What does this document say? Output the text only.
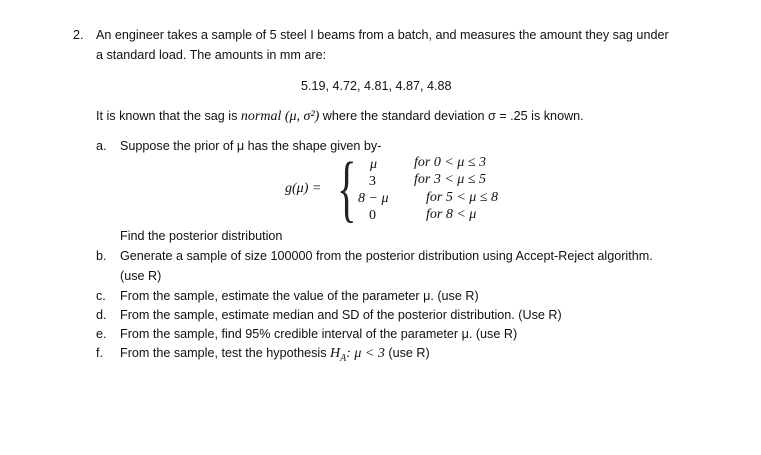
2. An engineer takes a sample of 5 steel I beams from a batch, and measures the amount they sag under
a standard load. The amounts in mm are:
5.19, 4.72, 4.81, 4.87, 4.88
It is known that the sag is normal (μ, σ²) where the standard deviation σ = .25 is known.
a. Suppose the prior of μ has the shape given by-
g(μ) = { μ
3
8 − μ
0
for 0 < μ ≤ 3
for 3 < μ ≤ 5
for 5 < μ ≤ 8
for 8 < μ
Find the posterior distribution
b. Generate a sample of size 100000 from the posterior distribution using Accept-Reject algorithm.
(use R)
c. From the sample, estimate the value of the parameter μ. (use R)
d. From the sample, estimate median and SD of the posterior distribution. (Use R)
e. From the sample, find 95% credible interval of the parameter μ. (use R)
f. From the sample, test the hypothesis $H_A$: μ < 3 (use R)
